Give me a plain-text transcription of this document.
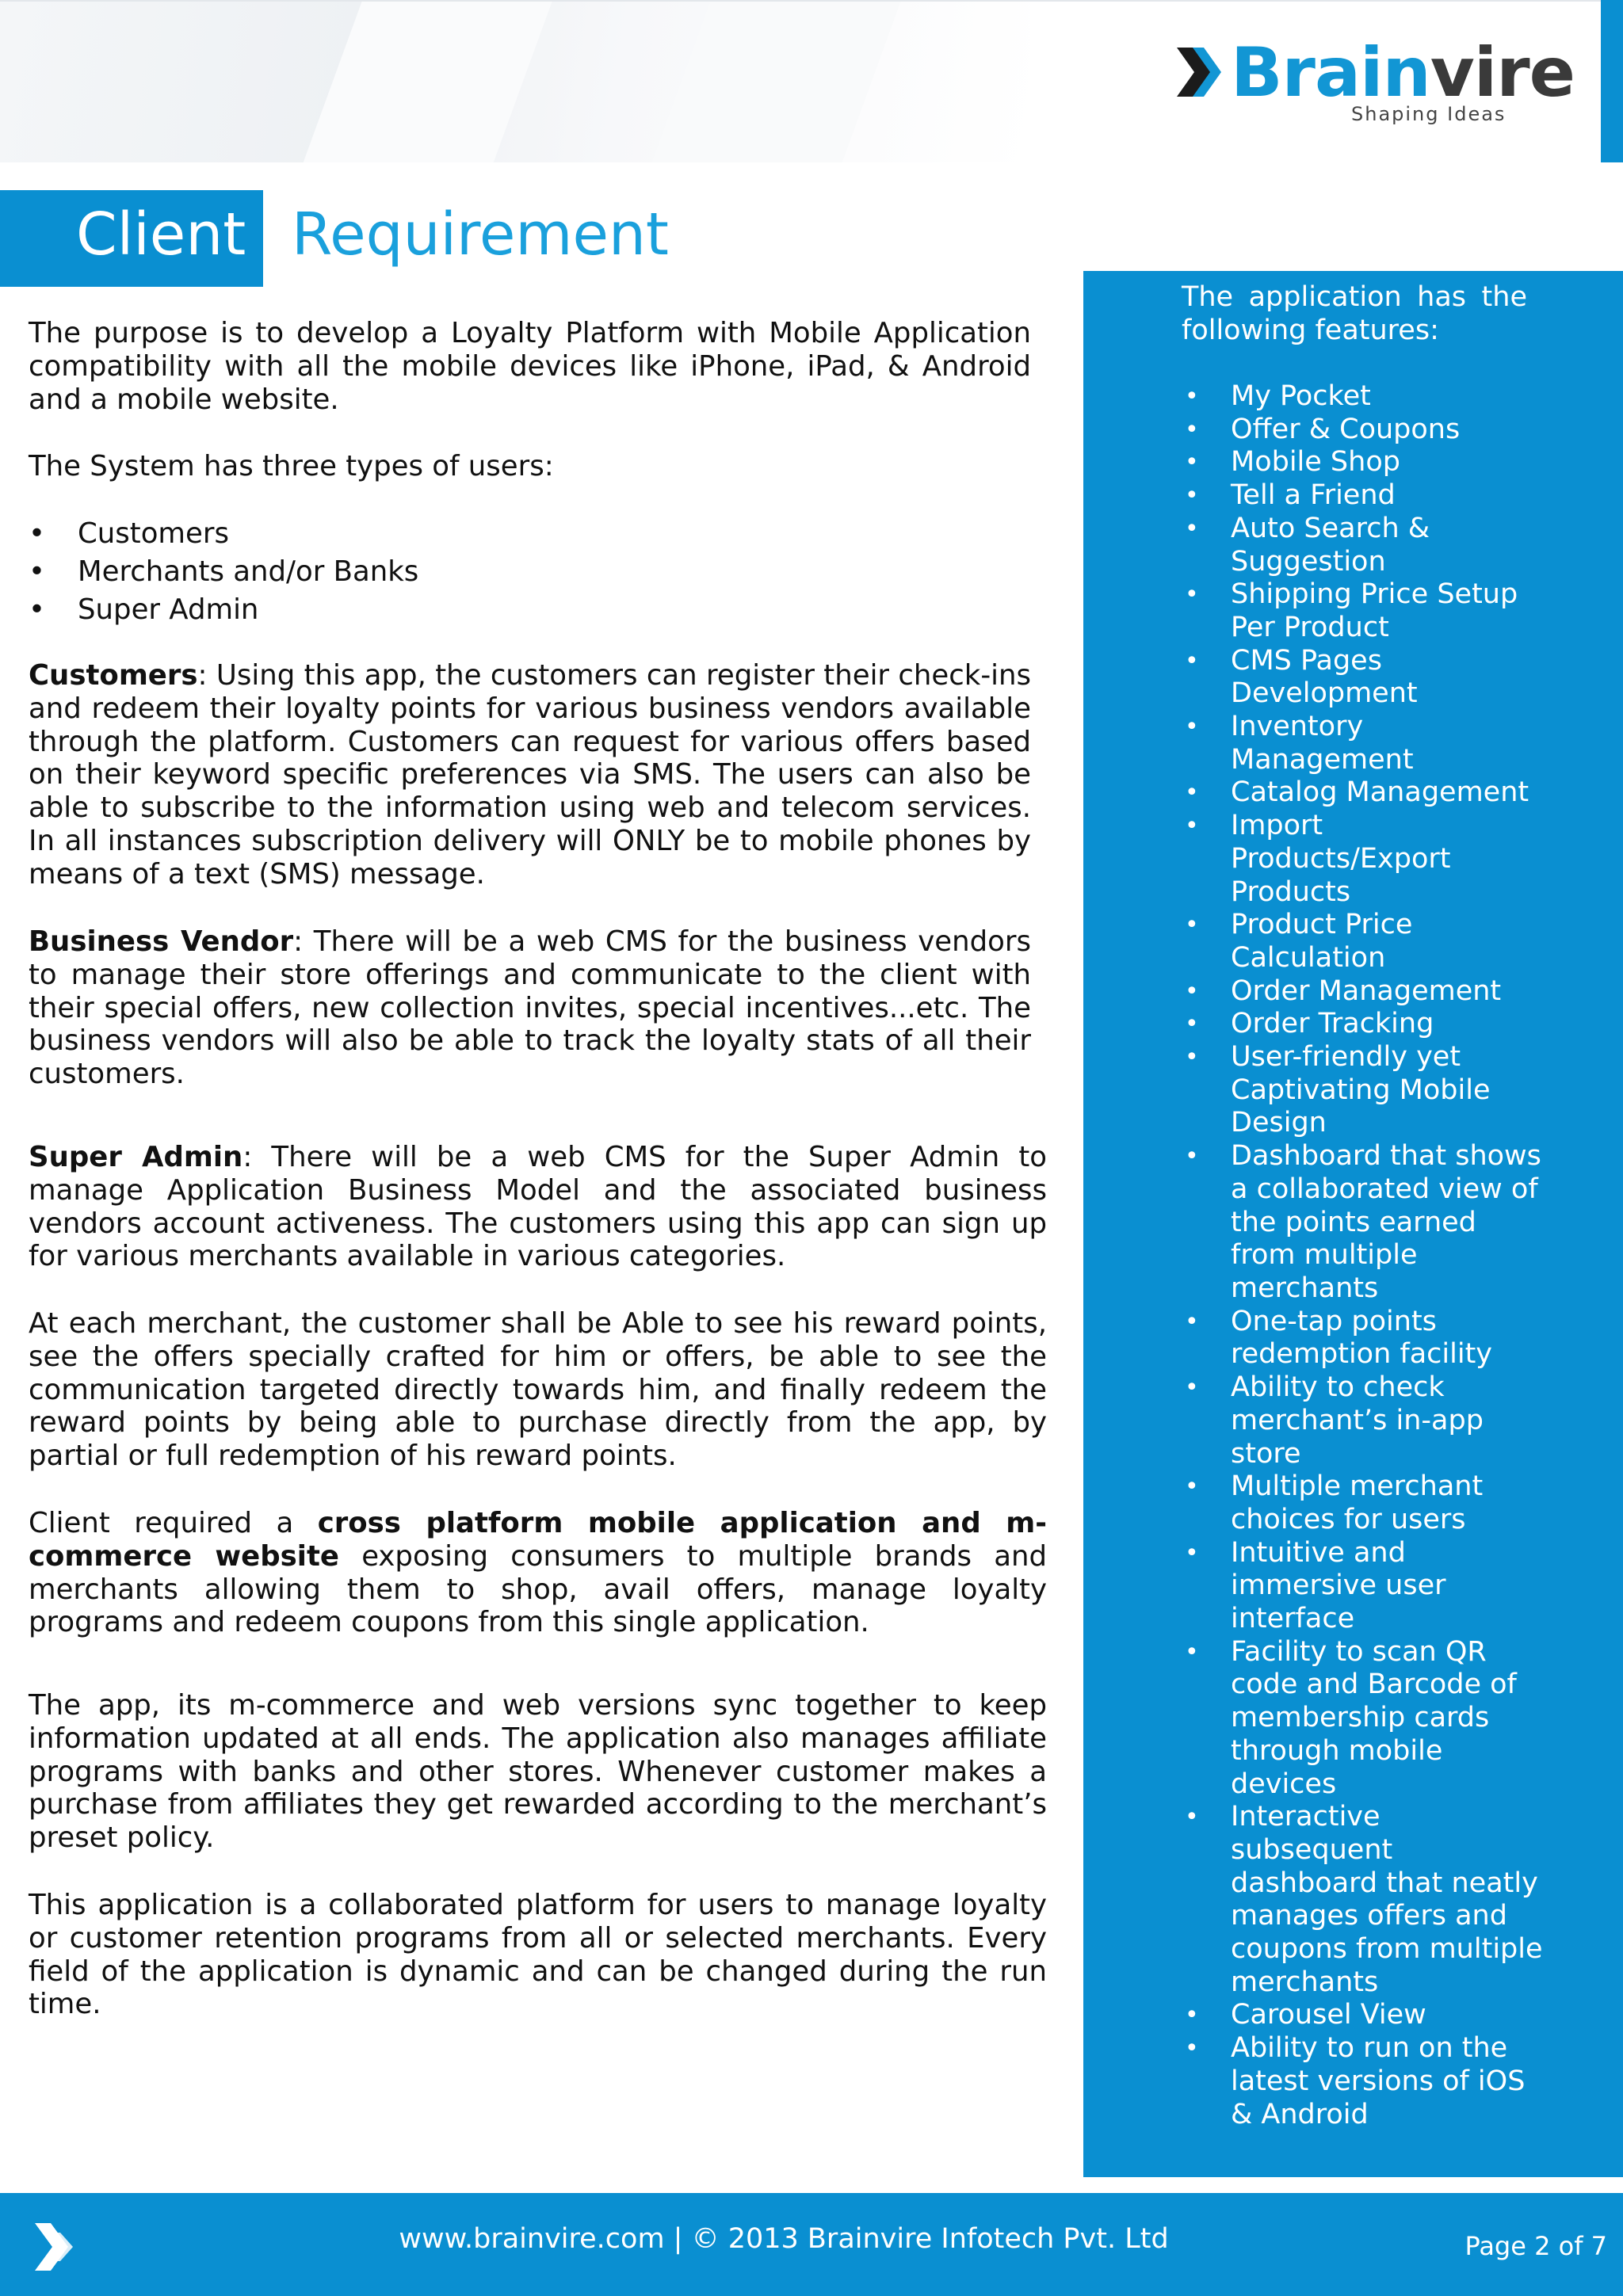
Brainvire
Shaping Ideas
Client Requirement

The purpose is to develop a Loyalty Platform with Mobile Application compatibility with all the mobile devices like iPhone, iPad, & Android and a mobile website.

The System has three types of users:
• Customers
• Merchants and/or Banks
• Super Admin

Customers: Using this app, the customers can register their check-ins and redeem their loyalty points for various business vendors available through the platform. Customers can request for various offers based on their keyword specific preferences via SMS. The users can also be able to subscribe to the information using web and telecom services. In all instances subscription delivery will ONLY be to mobile phones by means of a text (SMS) message.

Business Vendor: There will be a web CMS for the business vendors to manage their store offerings and communicate to the client with their special offers, new collection invites, special incentives...etc. The business vendors will also be able to track the loyalty stats of all their customers.

Super Admin: There will be a web CMS for the Super Admin to manage Application Business Model and the associated business vendors account activeness. The customers using this app can sign up for various merchants available in various categories.

At each merchant, the customer shall be Able to see his reward points, see the offers specially crafted for him or offers, be able to see the communication targeted directly towards him, and finally redeem the reward points by being able to purchase directly from the app, by partial or full redemption of his reward points.

Client required a cross platform mobile application and m-commerce website exposing consumers to multiple brands and merchants allowing them to shop, avail offers, manage loyalty programs and redeem coupons from this single application.

The app, its m-commerce and web versions sync together to keep information updated at all ends. The application also manages affiliate programs with banks and other stores. Whenever customer makes a purchase from affiliates they get rewarded according to the merchant’s preset policy.

This application is a collaborated platform for users to manage loyalty or customer retention programs from all or selected merchants. Every field of the application is dynamic and can be changed during the run time.

The application has the following features:
• My Pocket
• Offer & Coupons
• Mobile Shop
• Tell a Friend
• Auto Search & Suggestion
• Shipping Price Setup Per Product
• CMS Pages Development
• Inventory Management
• Catalog Management
• Import Products/Export Products
• Product Price Calculation
• Order Management
• Order Tracking
• User-friendly yet Captivating Mobile Design
• Dashboard that shows a collaborated view of the points earned from multiple merchants
• One-tap points redemption facility
• Ability to check merchant’s in-app store
• Multiple merchant choices for users
• Intuitive and immersive user interface
• Facility to scan QR code and Barcode of membership cards through mobile devices
• Interactive subsequent dashboard that neatly manages offers and coupons from multiple merchants
• Carousel View
• Ability to run on the latest versions of iOS & Android
www.brainvire.com | © 2013 Brainvire Infotech Pvt. Ltd	Page 2 of 7
